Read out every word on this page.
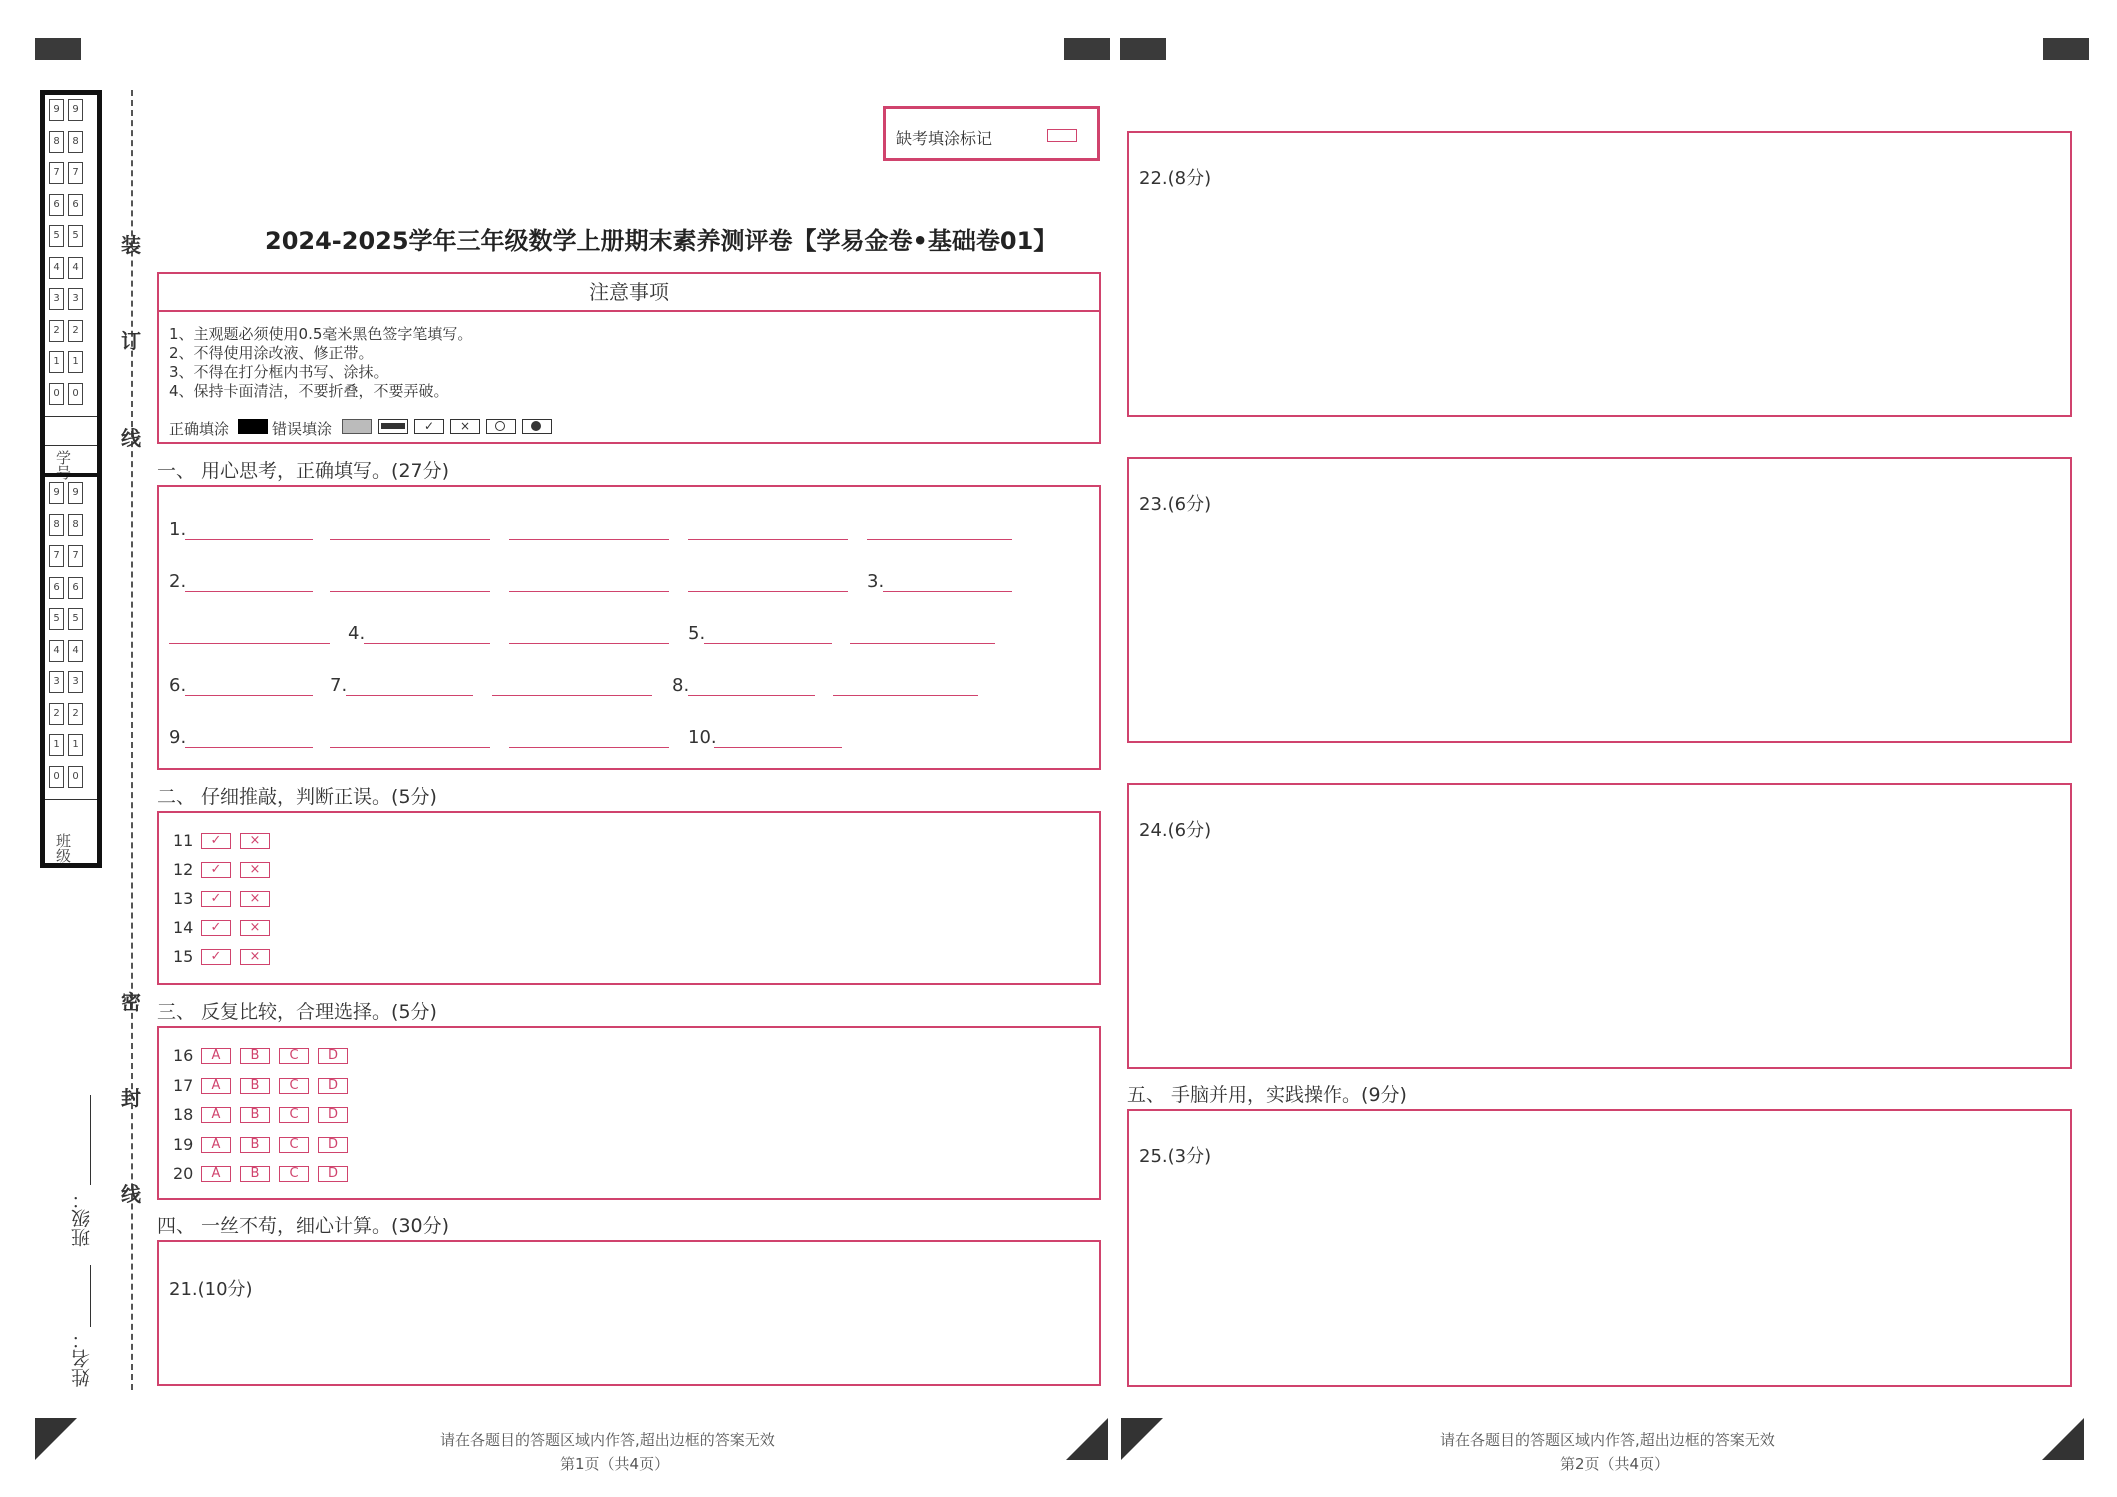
学号
班级
9	9
8	8
7	7
6	6
5	5
4	4
3	3
2	2
1	1
0	0
9	9
8	8
7	7
6	6
5	5
4	4
3	3
2	2
1	1
0	0
装
订
线
密
封
线
班级：
姓名：
缺考填涂标记
2024-2025学年三年级数学上册期末素养测评卷【学易金卷•基础卷01】
注意事项
1、主观题必须使用0.5毫米黑色签字笔填写。
2、不得使用涂改液、修正带。
3、不得在打分框内书写、涂抹。
4、保持卡面清洁，不要折叠，不要弄破。
正确填涂	错误填涂	✓	×
一、 用心思考，正确填写。(27分)
1.
2.	3.
4.	5.
6.	7.	8.
9.	10.
二、 仔细推敲，判断正误。(5分)
11	✓	×
12	✓	×
13	✓	×
14	✓	×
15	✓	×
三、 反复比较，合理选择。(5分)
16	A	B	C	D
17	A	B	C	D
18	A	B	C	D
19	A	B	C	D
20	A	B	C	D
四、 一丝不苟，细心计算。(30分)
21.(10分)
22.(8分)
23.(6分)
24.(6分)
五、 手脑并用，实践操作。(9分)
25.(3分)
请在各题目的答题区域内作答,超出边框的答案无效
第1页（共4页）
请在各题目的答题区域内作答,超出边框的答案无效
第2页（共4页）
